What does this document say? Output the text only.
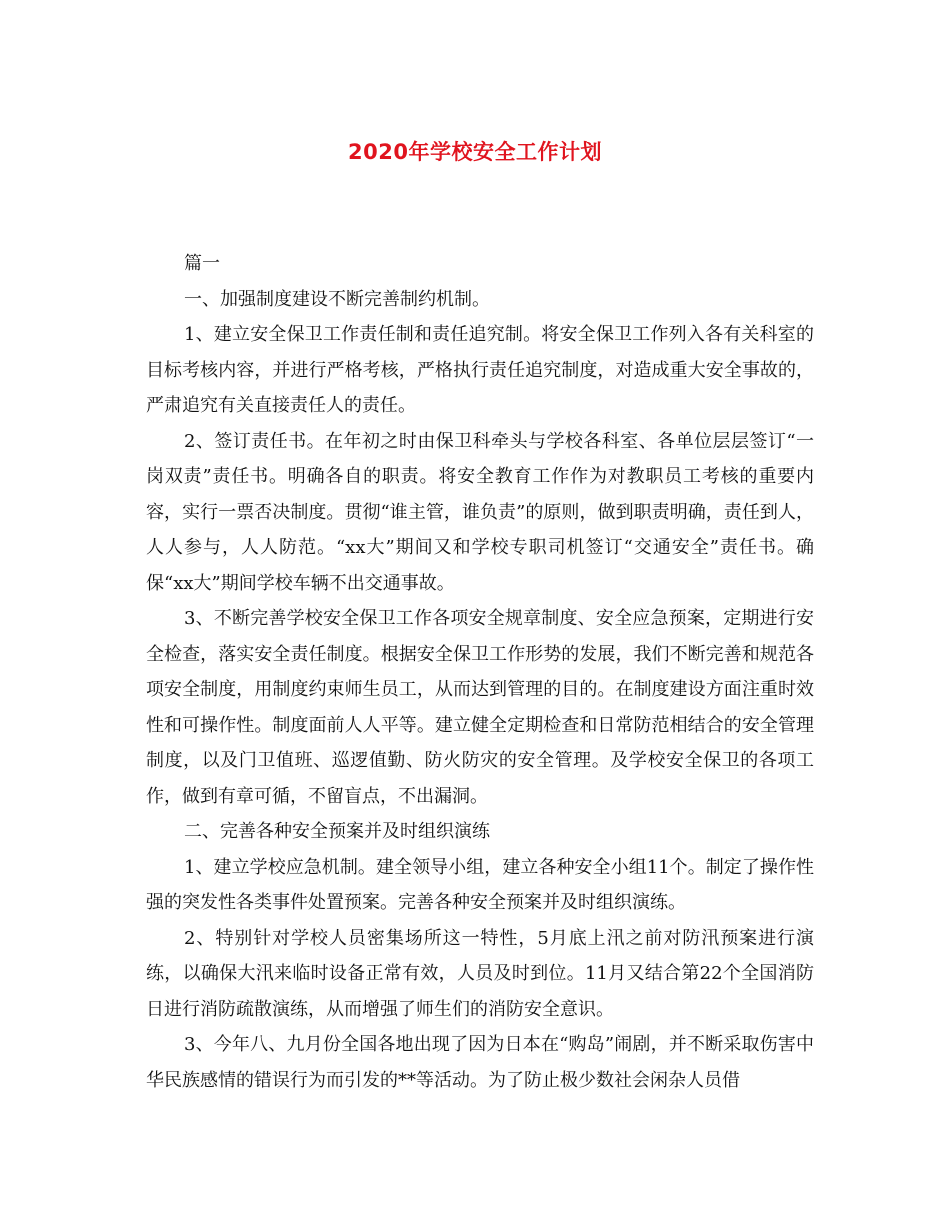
2020年学校安全工作计划

篇一

一、加强制度建设不断完善制约机制。

1、建立安全保卫工作责任制和责任追究制。将安全保卫工作列入各有关科室的目标考核内容，并进行严格考核，严格执行责任追究制度，对造成重大安全事故的，严肃追究有关直接责任人的责任。

2、签订责任书。在年初之时由保卫科牵头与学校各科室、各单位层层签订“一岗双责”责任书。明确各自的职责。将安全教育工作作为对教职员工考核的重要内容，实行一票否决制度。贯彻“谁主管，谁负责”的原则，做到职责明确，责任到人，人人参与，人人防范。“xx大”期间又和学校专职司机签订“交通安全”责任书。确保“xx大”期间学校车辆不出交通事故。

3、不断完善学校安全保卫工作各项安全规章制度、安全应急预案，定期进行安全检查，落实安全责任制度。根据安全保卫工作形势的发展，我们不断完善和规范各项安全制度，用制度约束师生员工，从而达到管理的目的。在制度建设方面注重时效性和可操作性。制度面前人人平等。建立健全定期检查和日常防范相结合的安全管理制度，以及门卫值班、巡逻值勤、防火防灾的安全管理。及学校安全保卫的各项工作，做到有章可循，不留盲点，不出漏洞。

二、完善各种安全预案并及时组织演练

1、建立学校应急机制。建全领导小组，建立各种安全小组11个。制定了操作性强的突发性各类事件处置预案。完善各种安全预案并及时组织演练。

2、特别针对学校人员密集场所这一特性，5月底上汛之前对防汛预案进行演练，以确保大汛来临时设备正常有效，人员及时到位。11月又结合第22个全国消防日进行消防疏散演练，从而增强了师生们的消防安全意识。

3、今年八、九月份全国各地出现了因为日本在“购岛”闹剧，并不断采取伤害中华民族感情的错误行为而引发的**等活动。为了防止极少数社会闲杂人员借
